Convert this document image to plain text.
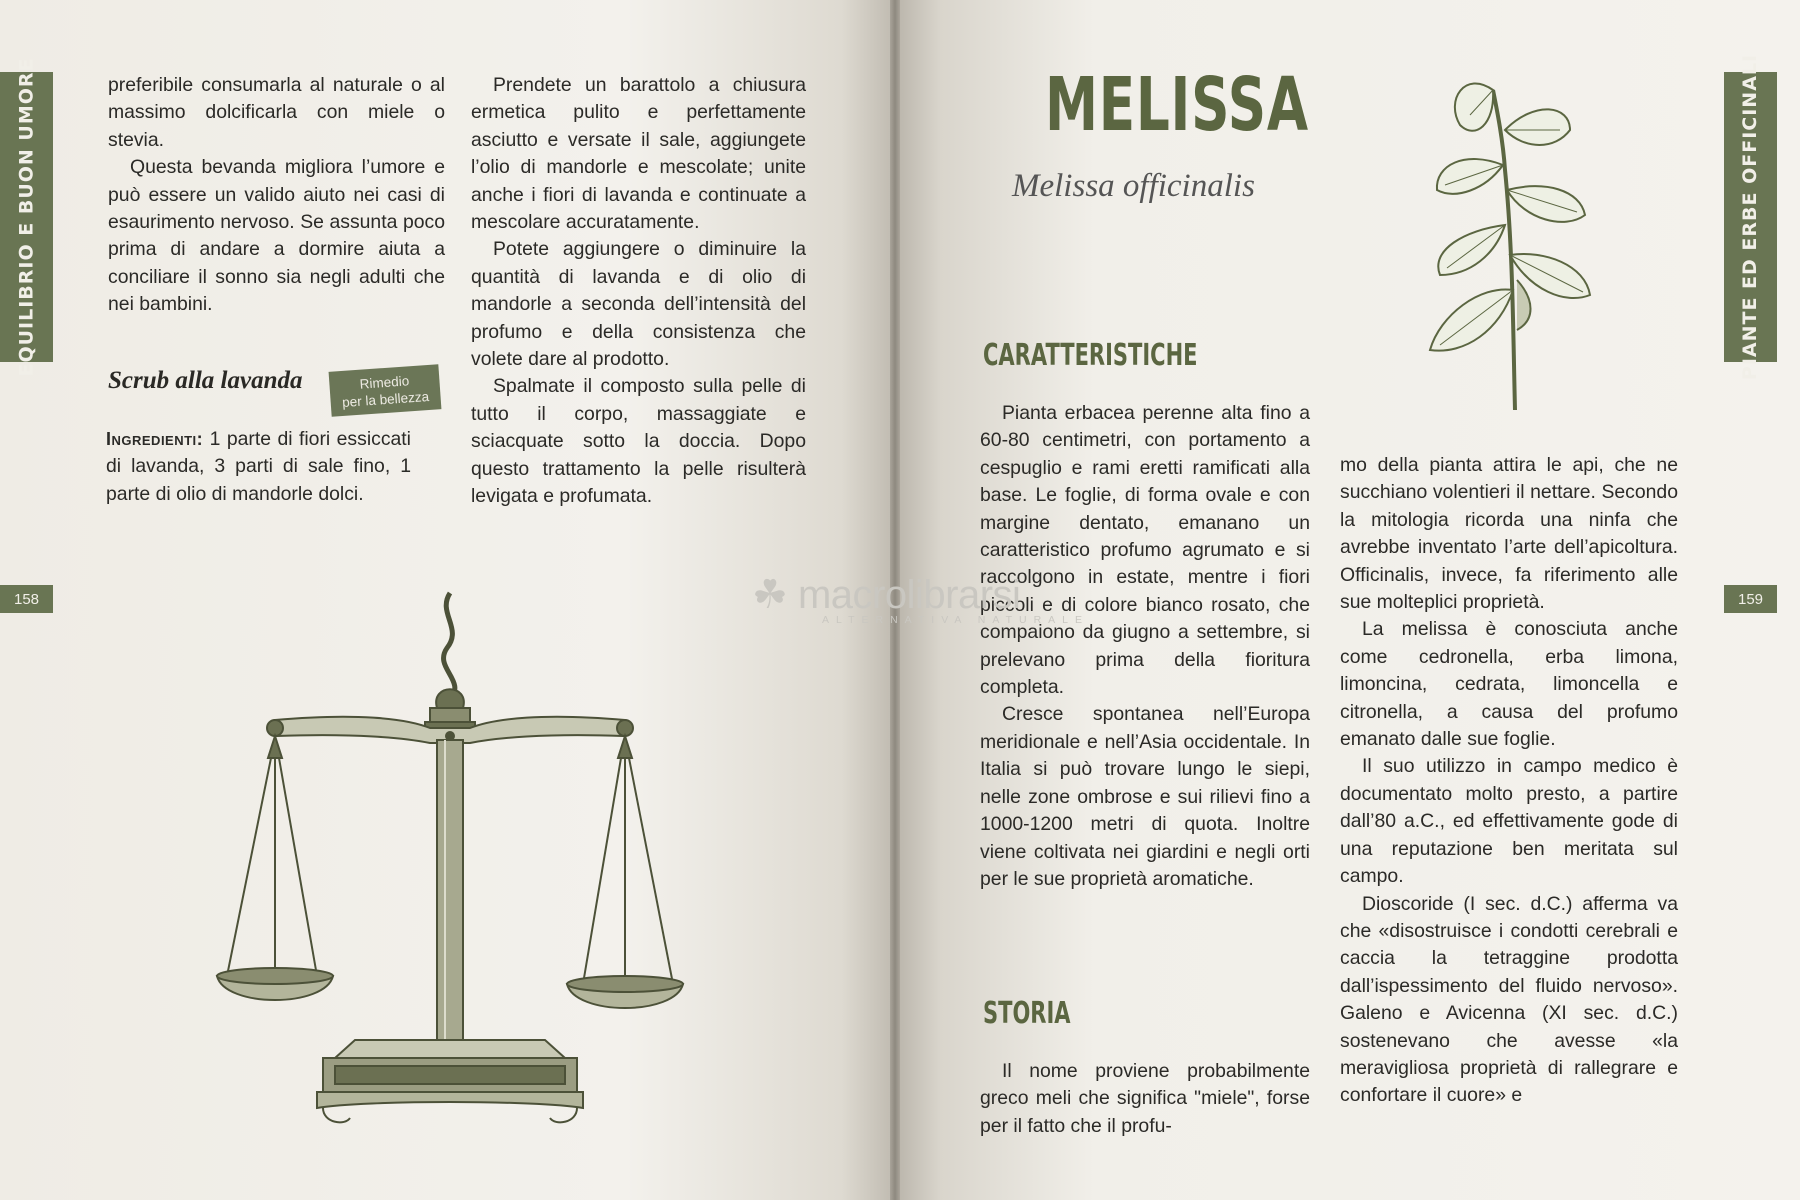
EQUILIBRIO E BUON UMORE
158

preferibile consumarla al naturale o al massimo dolcificarla con miele o stevia.

Questa bevanda migliora l’umore e può essere un valido aiuto nei casi di esaurimento nervoso. Se assunta poco prima di andare a dormire aiuta a conciliare il sonno sia negli adulti che nei bambini.

Scrub alla lavanda	Rimedio
per la bellezza
Ingredienti: 1 parte di fiori essiccati di lavanda, 3 parti di sale fino, 1 parte di olio di mandorle dolci.

Prendete un barattolo a chiusura ermetica pulito e perfettamente asciutto e versate il sale, aggiungete l’olio di mandorle e mescolate; unite anche i fiori di lavanda e continuate a mescolare accuratamente.

Potete aggiungere o diminuire la quantità di lavanda e di olio di mandorle a seconda dell’intensità del profumo e della consistenza che volete dare al prodotto.

Spalmate il composto sulla pelle di tutto il corpo, massaggiate e sciacquate sotto la doccia. Dopo questo trattamento la pelle risulterà levigata e profumata.

PIANTE ED ERBE OFFICINALI
159
MELISSA
Melissa officinalis
CARATTERISTICHE

Pianta erbacea perenne alta fino a 60-80 centimetri, con portamento a cespuglio e rami eretti ramificati alla base. Le foglie, di forma ovale e con margine dentato, emanano un caratteristico profumo agrumato e si raccolgono in estate, mentre i fiori piccoli e di colore bianco rosato, che compaiono da giugno a settembre, si prelevano prima della fioritura completa.

Cresce spontanea nell’Europa meridionale e nell’Asia occidentale. In Italia si può trovare lungo le siepi, nelle zone ombrose e sui rilievi fino a 1000-1200 metri di quota. Inoltre viene coltivata nei giardini e negli orti per le sue proprietà aromatiche.

STORIA

Il nome proviene probabilmente greco meli che significa "miele", forse per il fatto che il profu-

mo della pianta attira le api, che ne succhiano volentieri il nettare. Secondo la mitologia ricorda una ninfa che avrebbe inventato l’arte dell’apicoltura. Officinalis, invece, fa riferimento alle sue molteplici proprietà.

La melissa è conosciuta anche come cedronella, erba limona, limoncina, cedrata, limoncella e citronella, a causa del profumo emanato dalle sue foglie.

Il suo utilizzo in campo medico è documentato molto presto, a partire dall’80 a.C., ed effettivamente gode di una reputazione ben meritata sul campo.

Dioscoride (I sec. d.C.) afferma va che «disostruisce i condotti cerebrali e caccia la tetraggine prodotta dall’ispessimento del fluido nervoso». Galeno e Avicenna (XI sec. d.C.) sostenevano che avesse «la meravigliosa proprietà di rallegrare e confortare il cuore» e

☘ macrolibrarsi
ALTERNATIVA NATURALE
